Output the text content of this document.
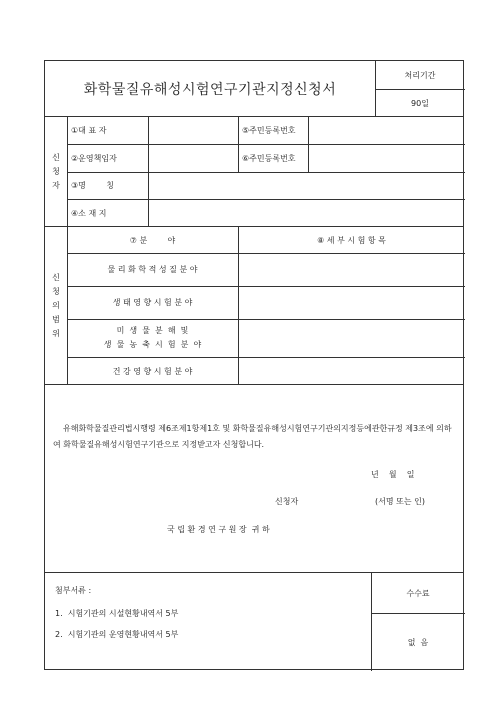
화학물질유해성시험연구기관지정신청서
처리기간
90일
신청자
①대 표 자	⑤주민등록번호
②운영책임자	⑥주민등록번호
③명        칭
④소 재 지
신청의범위
⑦ 분        야	⑧ 세 부 시 험 항 목
물 리 화 학 적 성 질 분 야
생 태 영 향 시 험 분 야
미  생  물  분  해  및
생  물  농  축  시  험  분  야
건 강 영 향 시 험 분 야
유해화학물질관리법시행령 제6조제1항제1호 및 화학물질유해성시험연구기관의지정등에관한규정 제3조에 의하여 화학물질유해성시험연구기관으로 지정받고자 신청합니다.
년    월    일
신청자	(서명 또는 인)
국 립 환 경 연 구 원 장  귀 하
첨부서류 :
1.  시험기관의 시설현황내역서 5부
2.  시험기관의 운영현황내역서 5부
수수료
없  음
